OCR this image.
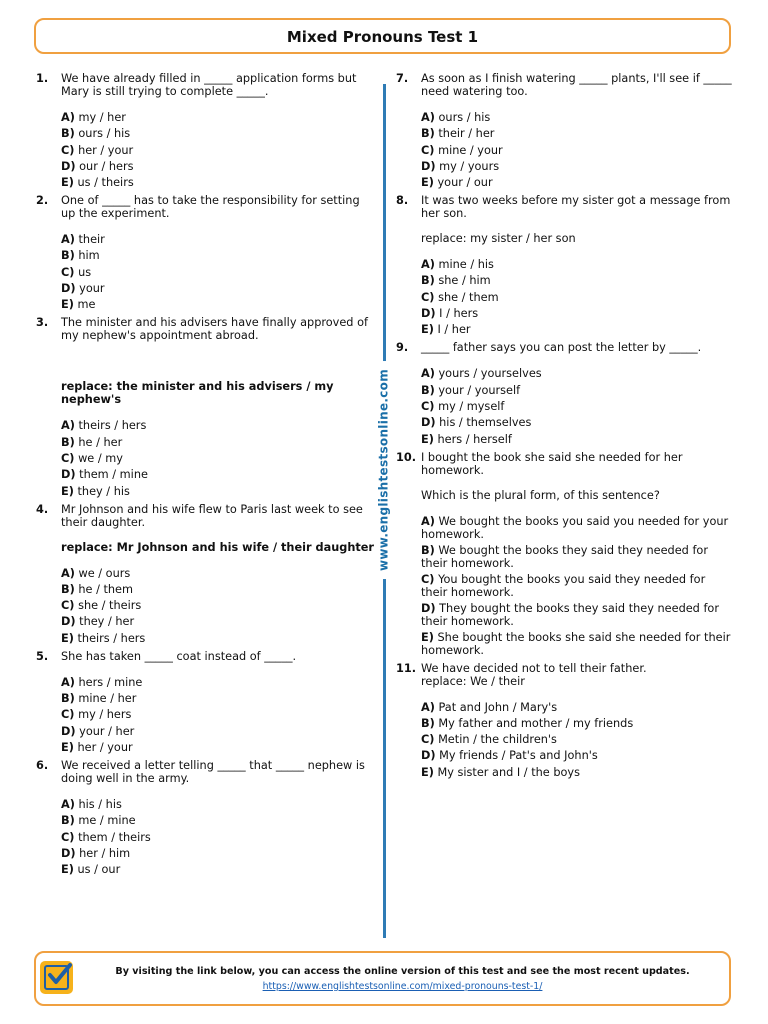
Mixed Pronouns Test 1
www.englishtestsonline.com
1. We have already filled in _____ application forms but Mary is still trying to complete _____.
A) my / her
B) ours / his
C) her / your
D) our / hers
E) us / theirs
2. One of _____ has to take the responsibility for setting up the experiment.
A) their
B) him
C) us
D) your
E) me
3. The minister and his advisers have finally approved of my nephew's appointment abroad.
replace: the minister and his advisers / my nephew's
A) theirs / hers
B) he / her
C) we / my
D) them / mine
E) they / his
4. Mr Johnson and his wife flew to Paris last week to see their daughter.
replace: Mr Johnson and his wife / their daughter
A) we / ours
B) he / them
C) she / theirs
D) they / her
E) theirs / hers
5. She has taken _____ coat instead of _____.
A) hers / mine
B) mine / her
C) my / hers
D) your / her
E) her / your
6. We received a letter telling _____ that _____ nephew is doing well in the army.
A) his / his
B) me / mine
C) them / theirs
D) her / him
E) us / our
7. As soon as I finish watering _____ plants, I'll see if _____ need watering too.
A) ours / his
B) their / her
C) mine / your
D) my / yours
E) your / our
8. It was two weeks before my sister got a message from her son.
replace: my sister / her son
A) mine / his
B) she / him
C) she / them
D) I / hers
E) I / her
9. _____ father says you can post the letter by _____.
A) yours / yourselves
B) your / yourself
C) my / myself
D) his / themselves
E) hers / herself
10. I bought the book she said she needed for her homework.
Which is the plural form, of this sentence?
A) We bought the books you said you needed for your homework.
B) We bought the books they said they needed for their homework.
C) You bought the books you said they needed for their homework.
D) They bought the books they said they needed for their homework.
E) She bought the books she said she needed for their homework.
11. We have decided not to tell their father.
replace: We / their
A) Pat and John / Mary's
B) My father and mother / my friends
C) Metin / the children's
D) My friends / Pat's and John's
E) My sister and I / the boys
By visiting the link below, you can access the online version of this test and see the most recent updates.
https://www.englishtestsonline.com/mixed-pronouns-test-1/
